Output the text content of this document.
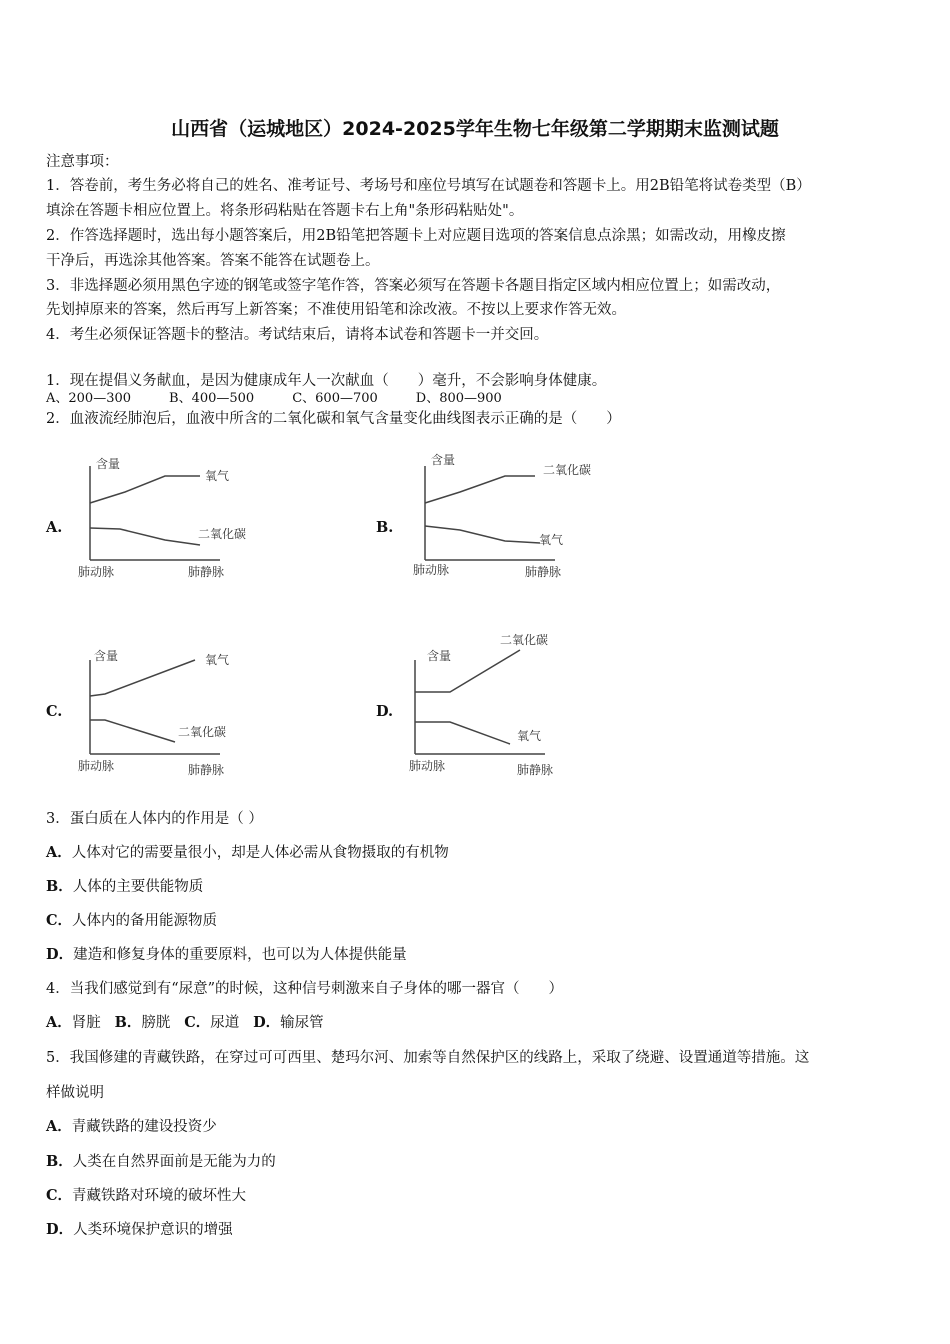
山西省（运城地区）2024-2025学年生物七年级第二学期期末监测试题
注意事项：
1．答卷前，考生务必将自己的姓名、准考证号、考场号和座位号填写在试题卷和答题卡上。用2B铅笔将试卷类型（B）
填涂在答题卡相应位置上。将条形码粘贴在答题卡右上角"条形码粘贴处"。
2．作答选择题时，选出每小题答案后，用2B铅笔把答题卡上对应题目选项的答案信息点涂黑；如需改动，用橡皮擦
干净后，再选涂其他答案。答案不能答在试题卷上。
3．非选择题必须用黑色字迹的钢笔或签字笔作答，答案必须写在答题卡各题目指定区域内相应位置上；如需改动，
先划掉原来的答案，然后再写上新答案；不准使用铅笔和涂改液。不按以上要求作答无效。
4．考生必须保证答题卡的整洁。考试结束后，请将本试卷和答题卡一并交回。
1．现在提倡义务献血，是因为健康成年人一次献血（　　）毫升，不会影响身体健康。
A、200—300	B、400—500	C、600—700	D、800—900
2．血液流经肺泡后，血液中所含的二氧化碳和氧气含量变化曲线图表示正确的是（　　）
A.
含量
氧气
二氧化碳
肺动脉	肺静脉
B.
含量
二氧化碳
氧气
肺动脉	肺静脉
C.
含量	氧气
二氧化碳
肺动脉	肺静脉
D.
含量
二氧化碳
氧气
肺动脉	肺静脉
3．蛋白质在人体内的作用是（ ）
A．人体对它的需要量很小，却是人体必需从食物摄取的有机物
B．人体的主要供能物质
C．人体内的备用能源物质
D．建造和修复身体的重要原料，也可以为人体提供能量
4．当我们感觉到有“尿意”的时候，这种信号刺激来自子身体的哪一器官（　　）
A．肾脏 B．膀胱 C．尿道 D．输尿管
5．我国修建的青藏铁路，在穿过可可西里、楚玛尔河、加索等自然保护区的线路上，采取了绕避、设置通道等措施。这
样做说明
A．青藏铁路的建设投资少
B．人类在自然界面前是无能为力的
C．青藏铁路对环境的破坏性大
D．人类环境保护意识的增强
